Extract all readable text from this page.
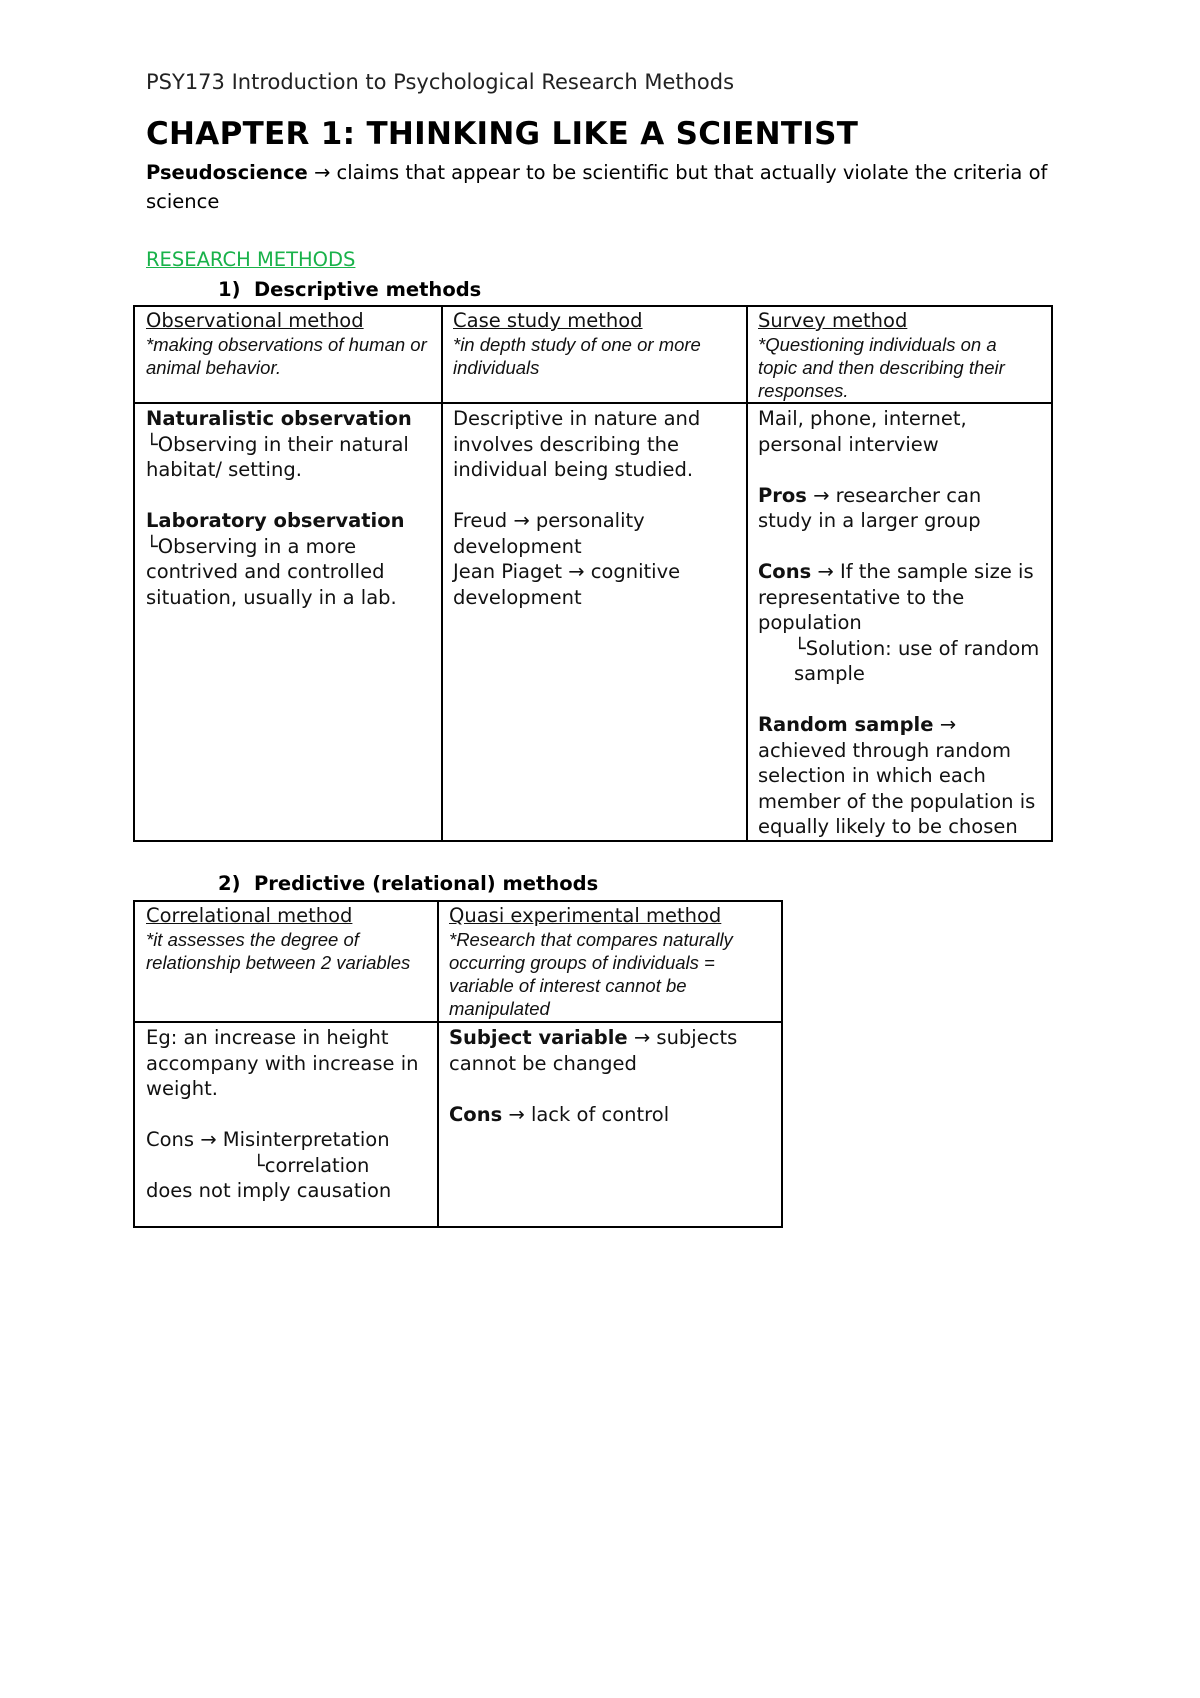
PSY173 Introduction to Psychological Research Methods
CHAPTER 1: THINKING LIKE A SCIENTIST
Pseudoscience → claims that appear to be scientific but that actually violate the criteria of science
RESEARCH METHODS
1) Descriptive methods
Observational method
*making observations of human or animal behavior.
Case study method
*in depth study of one or more individuals
Survey method
*Questioning individuals on a topic and then describing their responses.

Naturalistic observation

└Observing in their natural habitat/ setting.

Laboratory observation

└Observing in a more contrived and controlled situation, usually in a lab.

Descriptive in nature and involves describing the individual being studied.

Freud → personality development

Jean Piaget → cognitive development

Mail, phone, internet, personal interview

Pros → researcher can study in a larger group

Cons → If the sample size is representative to the population

└Solution: use of random sample

Random sample → achieved through random selection in which each member of the population is equally likely to be chosen

2) Predictive (relational) methods
Correlational method
*it assesses the degree of relationship between 2 variables
Quasi experimental method
*Research that compares naturally occurring groups of individuals = variable of interest cannot be manipulated

Eg: an increase in height accompany with increase in weight.

Cons → Misinterpretation

└correlation

does not imply causation

Subject variable → subjects cannot be changed

Cons → lack of control
